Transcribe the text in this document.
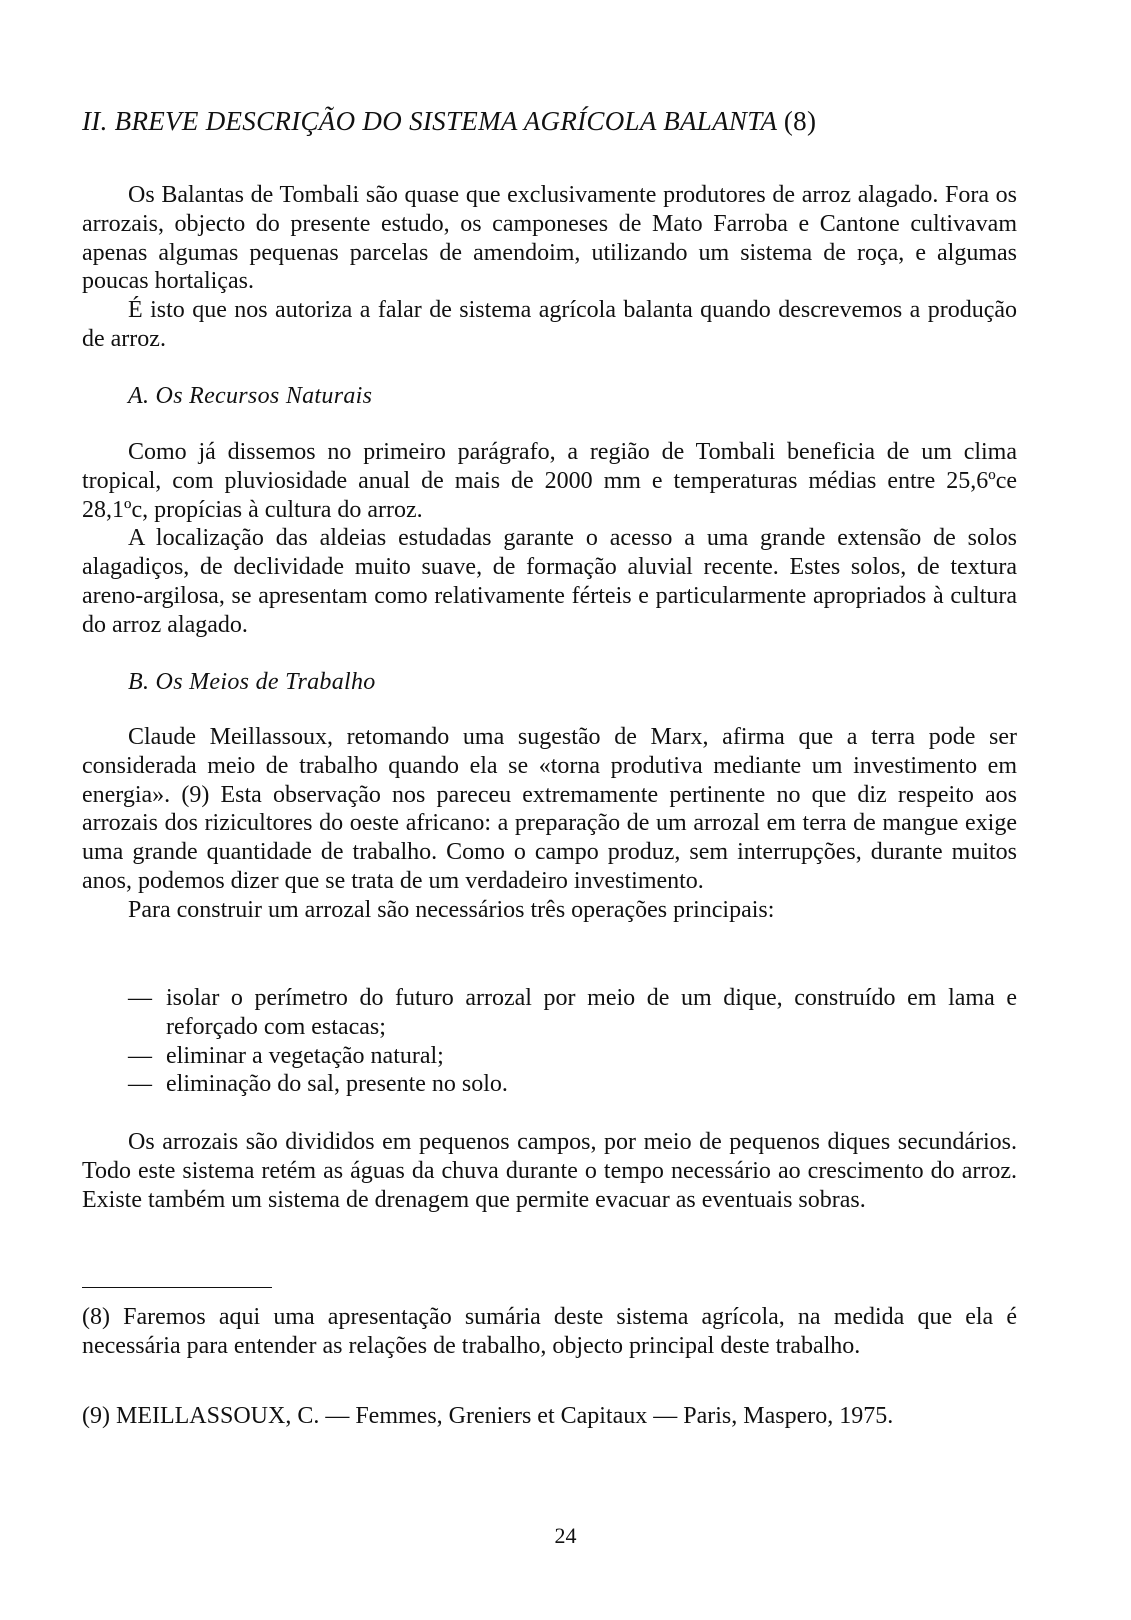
II. BREVE DESCRIÇÃO DO SISTEMA AGRÍCOLA BALANTA (8)

Os Balantas de Tombali são quase que exclusivamente produtores de arroz alagado. Fora os arrozais, objecto do presente estudo, os camponeses de Mato Farroba e Cantone cultivavam apenas algumas pequenas parcelas de amendoim, utilizando um sistema de roça, e algumas poucas hortaliças.

É isto que nos autoriza a falar de sistema agrícola balanta quando descrevemos a produção de arroz.

A. Os Recursos Naturais

Como já dissemos no primeiro parágrafo, a região de Tombali beneficia de um clima tropical, com pluviosidade anual de mais de 2000 mm e temperaturas médias entre 25,6ºce 28,1ºc, propícias à cultura do arroz.

A localização das aldeias estudadas garante o acesso a uma grande extensão de solos alagadiços, de declividade muito suave, de formação aluvial recente. Estes solos, de textura areno-argilosa, se apresentam como relativamente férteis e particularmente apropriados à cultura do arroz alagado.

B. Os Meios de Trabalho

Claude Meillassoux, retomando uma sugestão de Marx, afirma que a terra pode ser considerada meio de trabalho quando ela se «torna produtiva mediante um investimento em energia». (9) Esta observação nos pareceu extremamente pertinente no que diz respeito aos arrozais dos rizicultores do oeste africano: a preparação de um arrozal em terra de mangue exige uma grande quantidade de trabalho. Como o campo produz, sem interrupções, durante muitos anos, podemos dizer que se trata de um verdadeiro investimento.

Para construir um arrozal são necessários três operações principais:

— isolar o perímetro do futuro arrozal por meio de um dique, construído em lama e reforçado com estacas;

— eliminar a vegetação natural;

— eliminação do sal, presente no solo.

Os arrozais são divididos em pequenos campos, por meio de pequenos diques secundários. Todo este sistema retém as águas da chuva durante o tempo necessário ao crescimento do arroz. Existe também um sistema de drenagem que permite evacuar as eventuais sobras.

(8) Faremos aqui uma apresentação sumária deste sistema agrícola, na medida que ela é necessária para entender as relações de trabalho, objecto principal deste trabalho.

(9) MEILLASSOUX, C. — Femmes, Greniers et Capitaux — Paris, Maspero, 1975.

24
